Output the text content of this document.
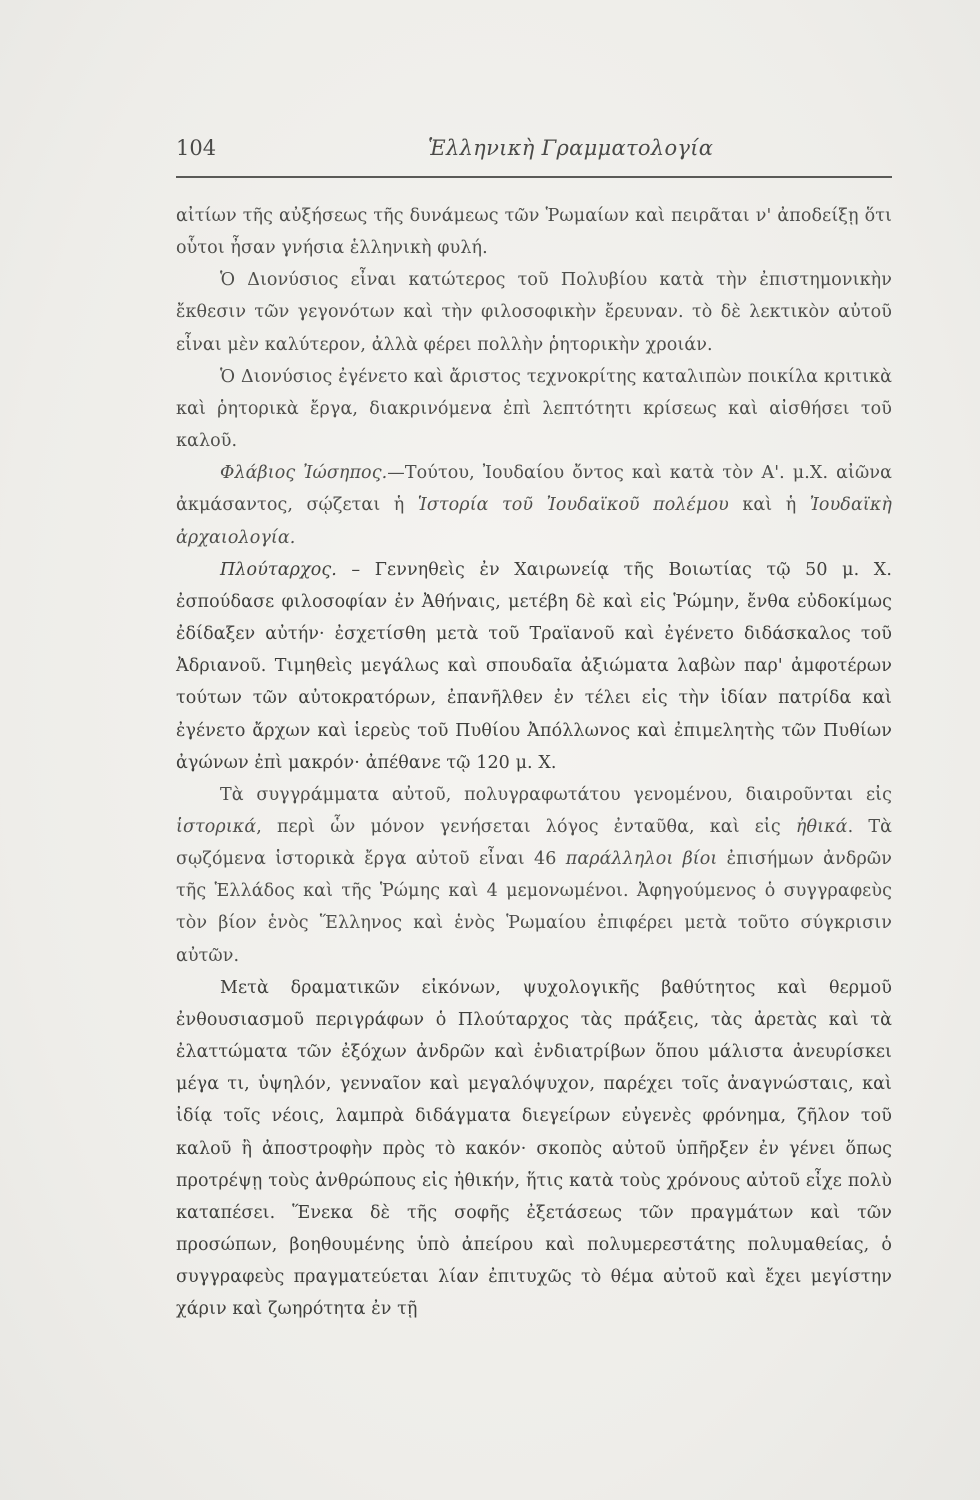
104	Ἑλληνικὴ Γραμματολογία

αἰτίων τῆς αὐξήσεως τῆς δυνάμεως τῶν Ῥωμαίων καὶ πειρᾶται ν' ἀποδείξῃ ὅτι οὗτοι ἦσαν γνήσια ἑλληνικὴ φυλή.

Ὁ Διονύσιος εἶναι κατώτερος τοῦ Πολυβίου κατὰ τὴν ἐπιστημονικὴν ἔκθεσιν τῶν γεγονότων καὶ τὴν φιλοσοφικὴν ἔρευναν. τὸ δὲ λεκτικὸν αὐτοῦ εἶναι μὲν καλύτερον, ἀλλὰ φέρει πολλὴν ῥητορικὴν χροιάν.

Ὁ Διονύσιος ἐγένετο καὶ ἄριστος τεχνοκρίτης καταλιπὼν ποικίλα κριτικὰ καὶ ῥητορικὰ ἔργα, διακρινόμενα ἐπὶ λεπτότητι κρίσεως καὶ αἰσθήσει τοῦ καλοῦ.

Φλάβιος Ἰώσηπος.—Τούτου, Ἰουδαίου ὄντος καὶ κατὰ τὸν Α'. μ.Χ. αἰῶνα ἀκμάσαντος, σῴζεται ἡ Ἱστορία τοῦ Ἰουδαϊκοῦ πολέμου καὶ ἡ Ἰουδαϊκὴ ἀρχαιολογία.

Πλούταρχος. – Γεννηθεὶς ἐν Χαιρωνείᾳ τῆς Βοιωτίας τῷ 50 μ. Χ. ἐσπούδασε φιλοσοφίαν ἐν Ἀθήναις, μετέβη δὲ καὶ εἰς Ῥώμην, ἔνθα εὐδοκίμως ἐδίδαξεν αὐτήν· ἐσχετίσθη μετὰ τοῦ Τραϊανοῦ καὶ ἐγένετο διδάσκαλος τοῦ Ἀδριανοῦ. Τιμηθεὶς μεγάλως καὶ σπουδαῖα ἀξιώματα λαβὼν παρ' ἀμφοτέρων τούτων τῶν αὐτοκρατόρων, ἐπανῆλθεν ἐν τέλει εἰς τὴν ἰδίαν πατρίδα καὶ ἐγένετο ἄρχων καὶ ἱερεὺς τοῦ Πυθίου Ἀπόλλωνος καὶ ἐπιμελητὴς τῶν Πυθίων ἀγώνων ἐπὶ μακρόν· ἀπέθανε τῷ 120 μ. Χ.

Τὰ συγγράμματα αὐτοῦ, πολυγραφωτάτου γενομένου, διαιροῦνται εἰς ἱστορικά, περὶ ὧν μόνον γενήσεται λόγος ἐνταῦθα, καὶ εἰς ἠθικά. Τὰ σῳζόμενα ἱστορικὰ ἔργα αὐτοῦ εἶναι 46 παράλληλοι βίοι ἐπισήμων ἀνδρῶν τῆς Ἑλλάδος καὶ τῆς Ῥώμης καὶ 4 μεμονωμένοι. Ἀφηγούμενος ὁ συγγραφεὺς τὸν βίον ἑνὸς Ἕλληνος καὶ ἑνὸς Ῥωμαίου ἐπιφέρει μετὰ τοῦτο σύγκρισιν αὐτῶν.

Μετὰ δραματικῶν εἰκόνων, ψυχολογικῆς βαθύτητος καὶ θερμοῦ ἐνθουσιασμοῦ περιγράφων ὁ Πλούταρχος τὰς πράξεις, τὰς ἀρετὰς καὶ τὰ ἐλαττώματα τῶν ἐξόχων ἀνδρῶν καὶ ἐνδιατρίβων ὅπου μάλιστα ἀνευρίσκει μέγα τι, ὑψηλόν, γενναῖον καὶ μεγαλόψυχον, παρέχει τοῖς ἀναγνώσταις, καὶ ἰδίᾳ τοῖς νέοις, λαμπρὰ διδάγματα διεγείρων εὐγενὲς φρόνημα, ζῆλον τοῦ καλοῦ ἢ ἀποστροφὴν πρὸς τὸ κακόν· σκοπὸς αὐτοῦ ὑπῆρξεν ἐν γένει ὅπως προτρέψῃ τοὺς ἀνθρώπους εἰς ἠθικήν, ἥτις κατὰ τοὺς χρόνους αὐτοῦ εἶχε πολὺ καταπέσει. Ἕνεκα δὲ τῆς σοφῆς ἐξετάσεως τῶν πραγμάτων καὶ τῶν προσώπων, βοηθουμένης ὑπὸ ἀπείρου καὶ πολυμερεστάτης πολυμαθείας, ὁ συγγραφεὺς πραγματεύεται λίαν ἐπιτυχῶς τὸ θέμα αὐτοῦ καὶ ἔχει μεγίστην χάριν καὶ ζωηρότητα ἐν τῇ
